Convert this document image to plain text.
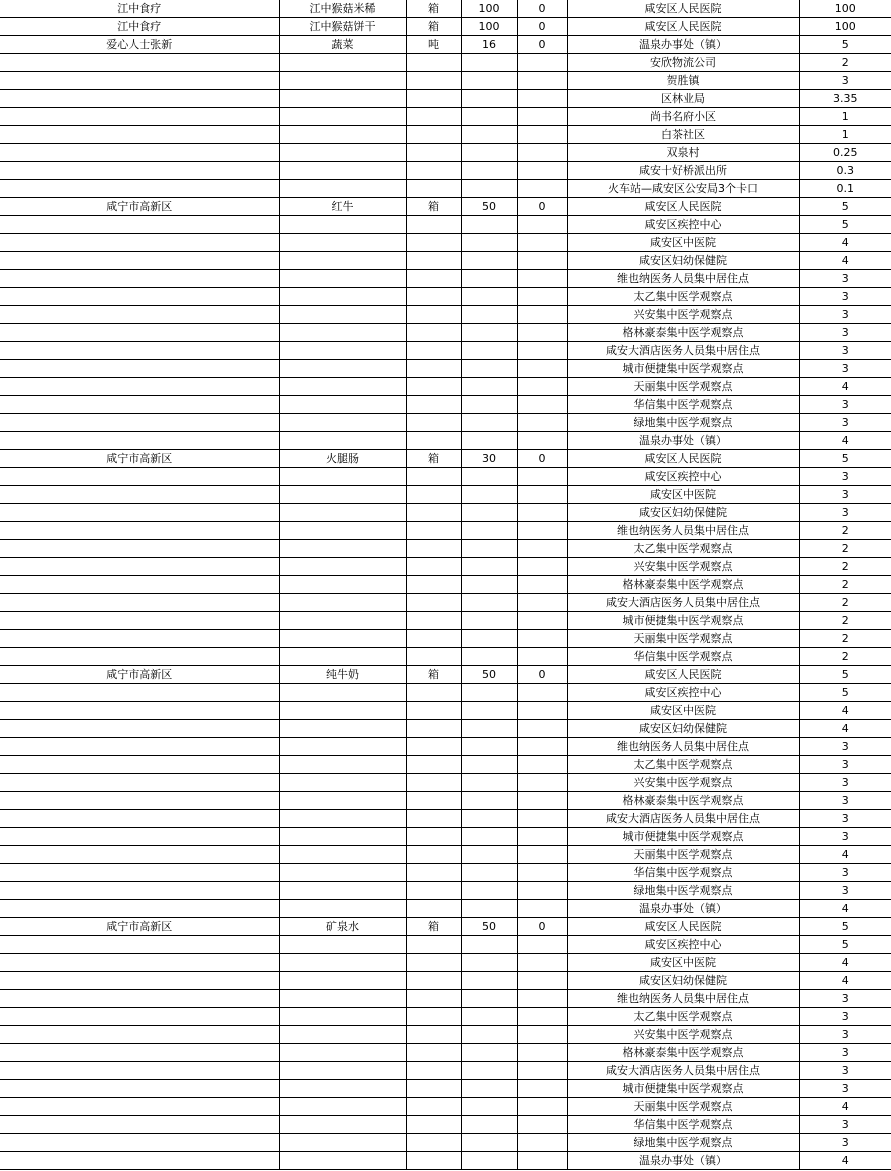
江中食疗	江中猴菇米稀	箱	100	0	咸安区人民医院	100
江中食疗	江中猴菇饼干	箱	100	0	咸安区人民医院	100
爱心人士张新	蔬菜	吨	16	0	温泉办事处（镇）	5
					安欣物流公司	2
					贺胜镇	3
					区林业局	3.35
					尚书名府小区	1
					白茶社区	1
					双泉村	0.25
					咸安十好桥派出所	0.3
					火车站—咸安区公安局3个卡口	0.1
咸宁市高新区	红牛	箱	50	0	咸安区人民医院	5
					咸安区疾控中心	5
					咸安区中医院	4
					咸安区妇幼保健院	4
					维也纳医务人员集中居住点	3
					太乙集中医学观察点	3
					兴安集中医学观察点	3
					格林豪泰集中医学观察点	3
					咸安大酒店医务人员集中居住点	3
					城市便捷集中医学观察点	3
					天丽集中医学观察点	4
					华信集中医学观察点	3
					绿地集中医学观察点	3
					温泉办事处（镇）	4
咸宁市高新区	火腿肠	箱	30	0	咸安区人民医院	5
					咸安区疾控中心	3
					咸安区中医院	3
					咸安区妇幼保健院	3
					维也纳医务人员集中居住点	2
					太乙集中医学观察点	2
					兴安集中医学观察点	2
					格林豪泰集中医学观察点	2
					咸安大酒店医务人员集中居住点	2
					城市便捷集中医学观察点	2
					天丽集中医学观察点	2
					华信集中医学观察点	2
咸宁市高新区	纯牛奶	箱	50	0	咸安区人民医院	5
					咸安区疾控中心	5
					咸安区中医院	4
					咸安区妇幼保健院	4
					维也纳医务人员集中居住点	3
					太乙集中医学观察点	3
					兴安集中医学观察点	3
					格林豪泰集中医学观察点	3
					咸安大酒店医务人员集中居住点	3
					城市便捷集中医学观察点	3
					天丽集中医学观察点	4
					华信集中医学观察点	3
					绿地集中医学观察点	3
					温泉办事处（镇）	4
咸宁市高新区	矿泉水	箱	50	0	咸安区人民医院	5
					咸安区疾控中心	5
					咸安区中医院	4
					咸安区妇幼保健院	4
					维也纳医务人员集中居住点	3
					太乙集中医学观察点	3
					兴安集中医学观察点	3
					格林豪泰集中医学观察点	3
					咸安大酒店医务人员集中居住点	3
					城市便捷集中医学观察点	3
					天丽集中医学观察点	4
					华信集中医学观察点	3
					绿地集中医学观察点	3
					温泉办事处（镇）	4
